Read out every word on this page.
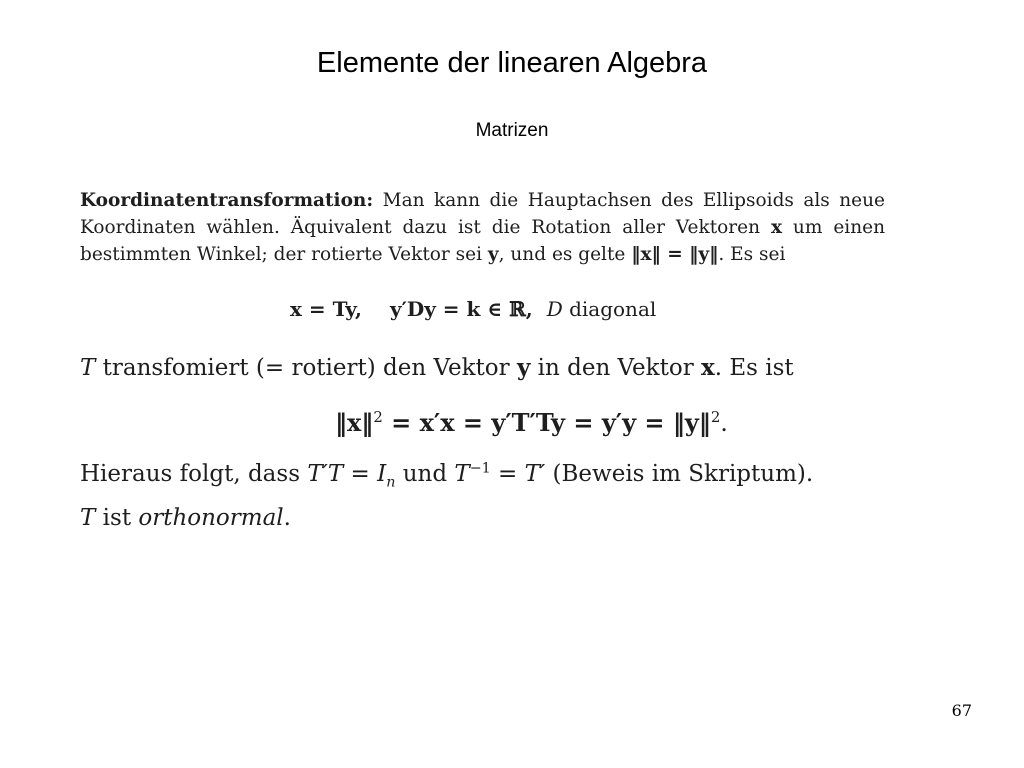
Elemente der linearen Algebra
Matrizen
Koordinatentransformation: Man kann die Hauptachsen des Ellipsoids als neue Koordinaten wählen. Äquivalent dazu ist die Rotation aller Vektoren x um einen bestimmten Winkel; der rotierte Vektor sei y, und es gelte ‖x‖ = ‖y‖. Es sei
x = Ty, y′Dy = k ∈ ℝ, D diagonal
T transfomiert (= rotiert) den Vektor y in den Vektor x. Es ist
‖x‖$^2$ = x′x = y′T′Ty = y′y = ‖y‖$^2$.
Hieraus folgt, dass $T'T = I_n$ und $T^{-1} = T'$ (Beweis im Skriptum).
T ist orthonormal.
67
